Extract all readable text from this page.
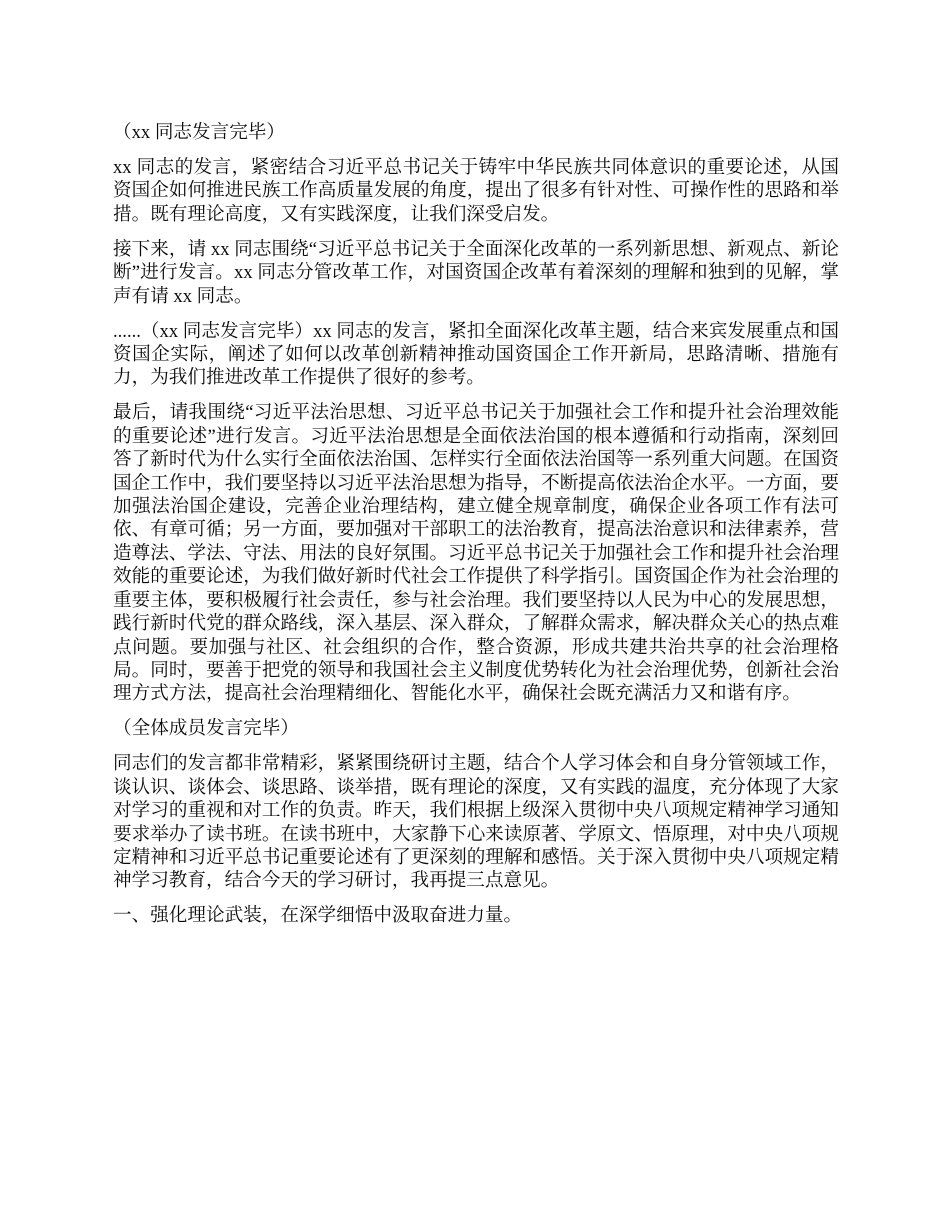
（xx 同志发言完毕）

xx 同志的发言，紧密结合习近平总书记关于铸牢中华民族共同体意识的重要论述，从国资国企如何推进民族工作高质量发展的角度，提出了很多有针对性、可操作性的思路和举措。既有理论高度，又有实践深度，让我们深受启发。

接下来，请 xx 同志围绕“习近平总书记关于全面深化改革的一系列新思想、新观点、新论断”进行发言。xx 同志分管改革工作，对国资国企改革有着深刻的理解和独到的见解，掌声有请 xx 同志。

......（xx 同志发言完毕）xx 同志的发言，紧扣全面深化改革主题，结合来宾发展重点和国资国企实际，阐述了如何以改革创新精神推动国资国企工作开新局，思路清晰、措施有力，为我们推进改革工作提供了很好的参考。

最后，请我围绕“习近平法治思想、习近平总书记关于加强社会工作和提升社会治理效能的重要论述”进行发言。习近平法治思想是全面依法治国的根本遵循和行动指南，深刻回答了新时代为什么实行全面依法治国、怎样实行全面依法治国等一系列重大问题。在国资国企工作中，我们要坚持以习近平法治思想为指导，不断提高依法治企水平。一方面，要加强法治国企建设，完善企业治理结构，建立健全规章制度，确保企业各项工作有法可依、有章可循；另一方面，要加强对干部职工的法治教育，提高法治意识和法律素养，营造尊法、学法、守法、用法的良好氛围。习近平总书记关于加强社会工作和提升社会治理效能的重要论述，为我们做好新时代社会工作提供了科学指引。国资国企作为社会治理的重要主体，要积极履行社会责任，参与社会治理。我们要坚持以人民为中心的发展思想，践行新时代党的群众路线，深入基层、深入群众，了解群众需求，解决群众关心的热点难点问题。要加强与社区、社会组织的合作，整合资源，形成共建共治共享的社会治理格局。同时，要善于把党的领导和我国社会主义制度优势转化为社会治理优势，创新社会治理方式方法，提高社会治理精细化、智能化水平，确保社会既充满活力又和谐有序。

（全体成员发言完毕）

同志们的发言都非常精彩，紧紧围绕研讨主题，结合个人学习体会和自身分管领域工作，谈认识、谈体会、谈思路、谈举措，既有理论的深度，又有实践的温度，充分体现了大家对学习的重视和对工作的负责。昨天，我们根据上级深入贯彻中央八项规定精神学习通知要求举办了读书班。在读书班中，大家静下心来读原著、学原文、悟原理，对中央八项规定精神和习近平总书记重要论述有了更深刻的理解和感悟。关于深入贯彻中央八项规定精神学习教育，结合今天的学习研讨，我再提三点意见。

一、强化理论武装，在深学细悟中汲取奋进力量。
